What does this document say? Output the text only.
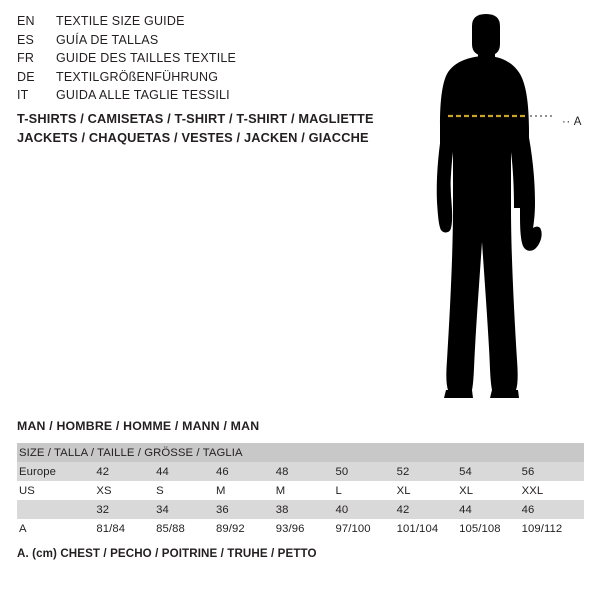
EN	TEXTILE SIZE GUIDE
ES	GUÍA DE TALLAS
FR	GUIDE DES TAILLES TEXTILE
DE	TEXTILGRÖßENFÜHRUNG
IT	GUIDA ALLE TAGLIE TESSILI
T-SHIRTS / CAMISETAS / T-SHIRT / T-SHIRT / MAGLIETTE
JACKETS / CHAQUETAS / VESTES / JACKEN / GIACCHE
·· A
MAN / HOMBRE / HOMME / MANN / MAN
SIZE / TALLA / TAILLE / GRÖSSE / TAGLIA								
Europe	42	44	46	48	50	52	54	56
US	XS	S	M	M	L	XL	XL	XXL
	32	34	36	38	40	42	44	46
A	81/84	85/88	89/92	93/96	97/100	101/104	105/108	109/112
A. (cm) CHEST / PECHO / POITRINE / TRUHE / PETTO
